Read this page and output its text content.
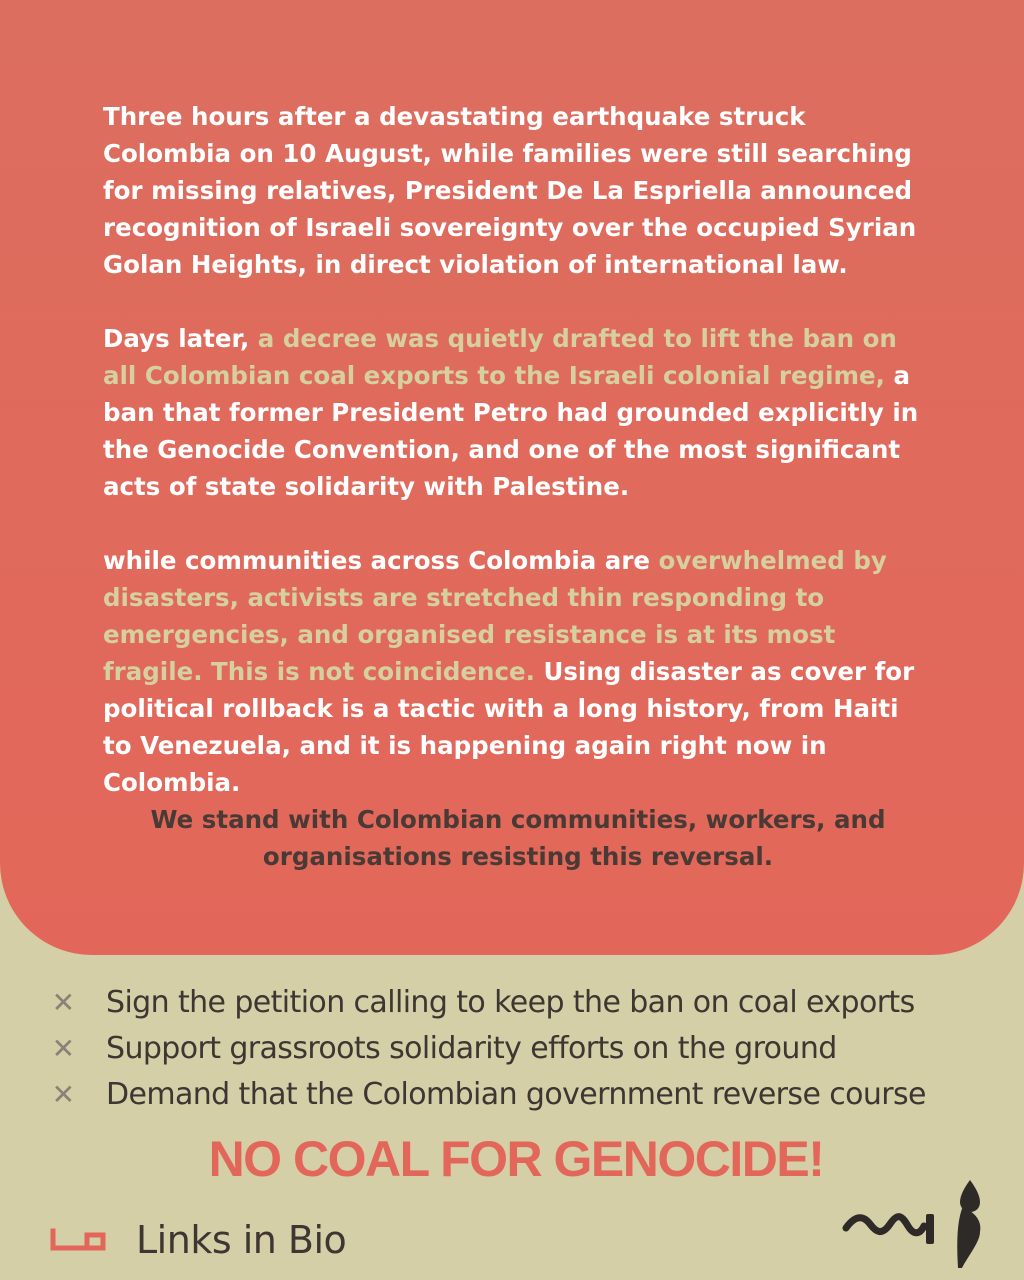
Three hours after a devastating earthquake struck Colombia on 10 August, while families were still searching for missing relatives, President De La Espriella announced recognition of Israeli sovereignty over the occupied Syrian Golan Heights, in direct violation of international law.

Days later, a decree was quietly drafted to lift the ban on all Colombian coal exports to the Israeli colonial regime, a ban that former President Petro had grounded explicitly in the Genocide Convention, and one of the most significant acts of state solidarity with Palestine.

while communities across Colombia are overwhelmed by disasters, activists are stretched thin responding to emergencies, and organised resistance is at its most fragile. This is not coincidence. Using disaster as cover for political rollback is a tactic with a long history, from Haiti to Venezuela, and it is happening again right now in Colombia.

We stand with Colombian communities, workers, and organisations resisting this reversal.

✕ Sign the petition calling to keep the ban on coal exports
✕ Support grassroots solidarity efforts on the ground
✕ Demand that the Colombian government reverse course
NO COAL FOR GENOCIDE!
Links in Bio
